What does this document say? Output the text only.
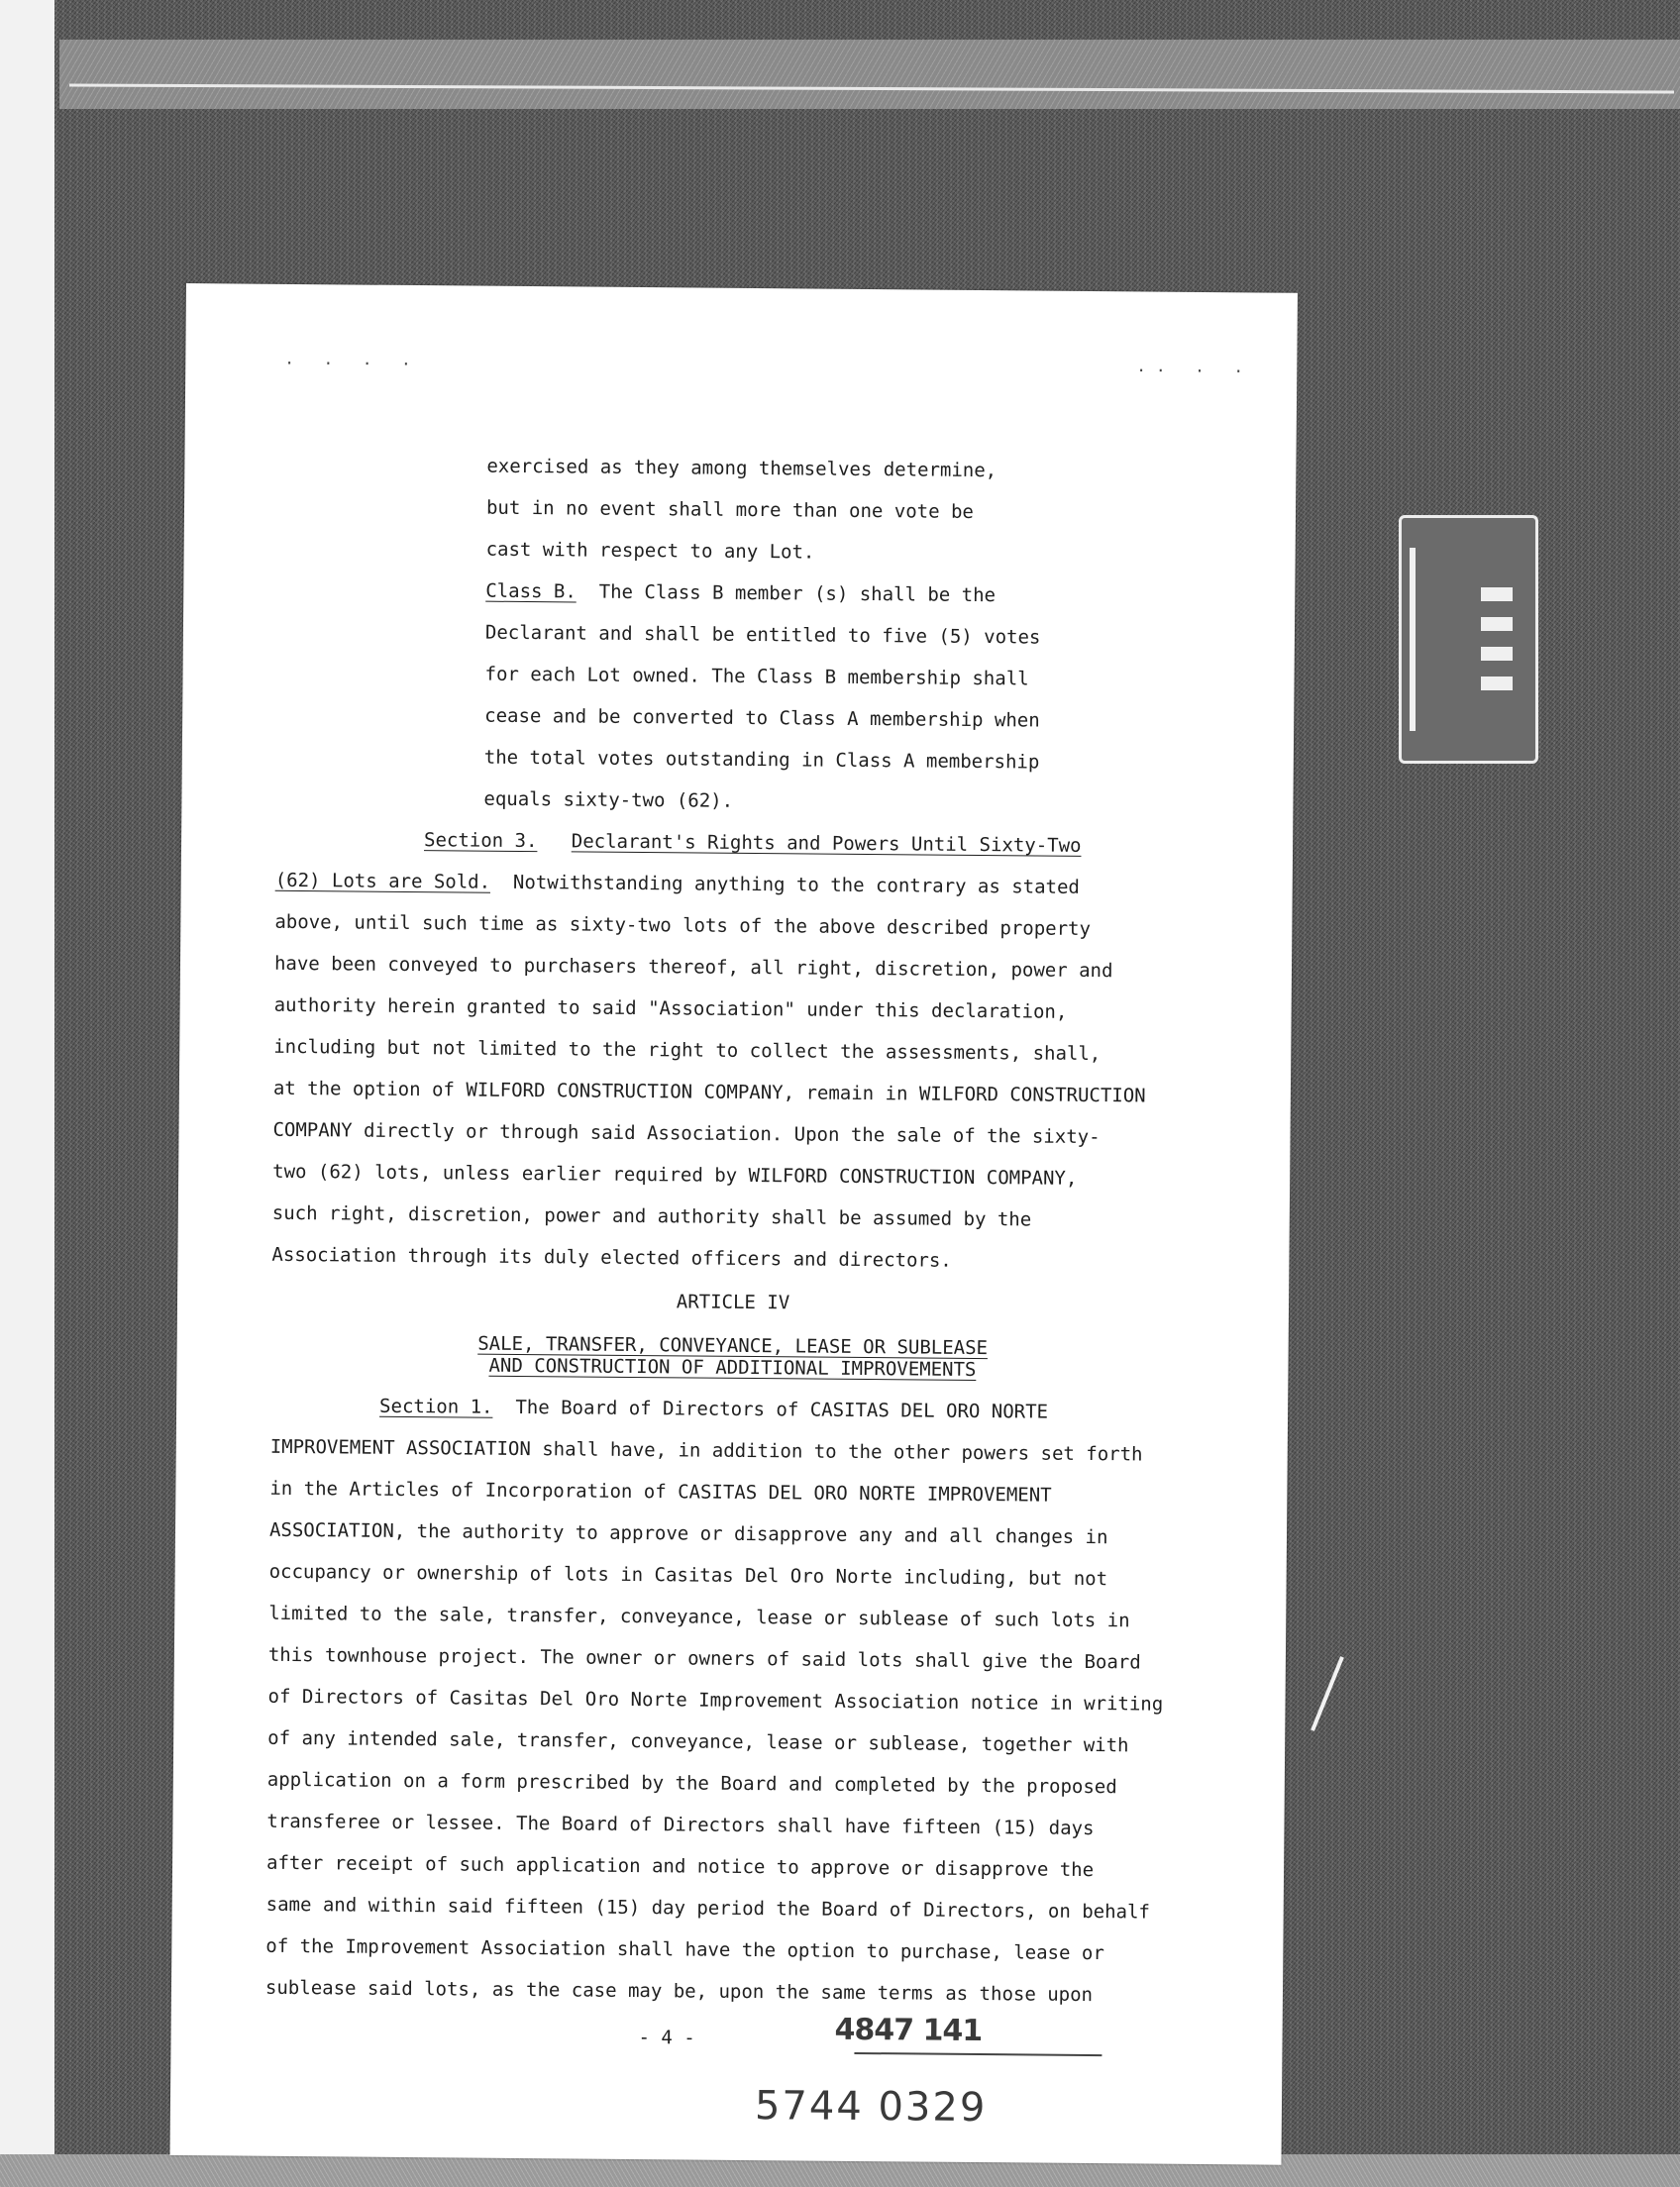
· · · ·	·· · ·
exercised as they among themselves determine,
but in no event shall more than one vote be
cast with respect to any Lot.
Class B. The Class B member (s) shall be the
Declarant and shall be entitled to five (5) votes
for each Lot owned. The Class B membership shall
cease and be converted to Class A membership when
the total votes outstanding in Class A membership
equals sixty-two (62).
Section 3. Declarant's Rights and Powers Until Sixty-Two
(62) Lots are Sold. Notwithstanding anything to the contrary as stated
above, until such time as sixty-two lots of the above described property
have been conveyed to purchasers thereof, all right, discretion, power and
authority herein granted to said "Association" under this declaration,
including but not limited to the right to collect the assessments, shall,
at the option of WILFORD CONSTRUCTION COMPANY, remain in WILFORD CONSTRUCTION
COMPANY directly or through said Association. Upon the sale of the sixty-
two (62) lots, unless earlier required by WILFORD CONSTRUCTION COMPANY,
such right, discretion, power and authority shall be assumed by the
Association through its duly elected officers and directors.
ARTICLE IV
SALE, TRANSFER, CONVEYANCE, LEASE OR SUBLEASE
AND CONSTRUCTION OF ADDITIONAL IMPROVEMENTS
Section 1. The Board of Directors of CASITAS DEL ORO NORTE
IMPROVEMENT ASSOCIATION shall have, in addition to the other powers set forth
in the Articles of Incorporation of CASITAS DEL ORO NORTE IMPROVEMENT
ASSOCIATION, the authority to approve or disapprove any and all changes in
occupancy or ownership of lots in Casitas Del Oro Norte including, but not
limited to the sale, transfer, conveyance, lease or sublease of such lots in
this townhouse project. The owner or owners of said lots shall give the Board
of Directors of Casitas Del Oro Norte Improvement Association notice in writing
of any intended sale, transfer, conveyance, lease or sublease, together with
application on a form prescribed by the Board and completed by the proposed
transferee or lessee. The Board of Directors shall have fifteen (15) days
after receipt of such application and notice to approve or disapprove the
same and within said fifteen (15) day period the Board of Directors, on behalf
of the Improvement Association shall have the option to purchase, lease or
sublease said lots, as the case may be, upon the same terms as those upon
- 4 -	4847 141
5744 0329
